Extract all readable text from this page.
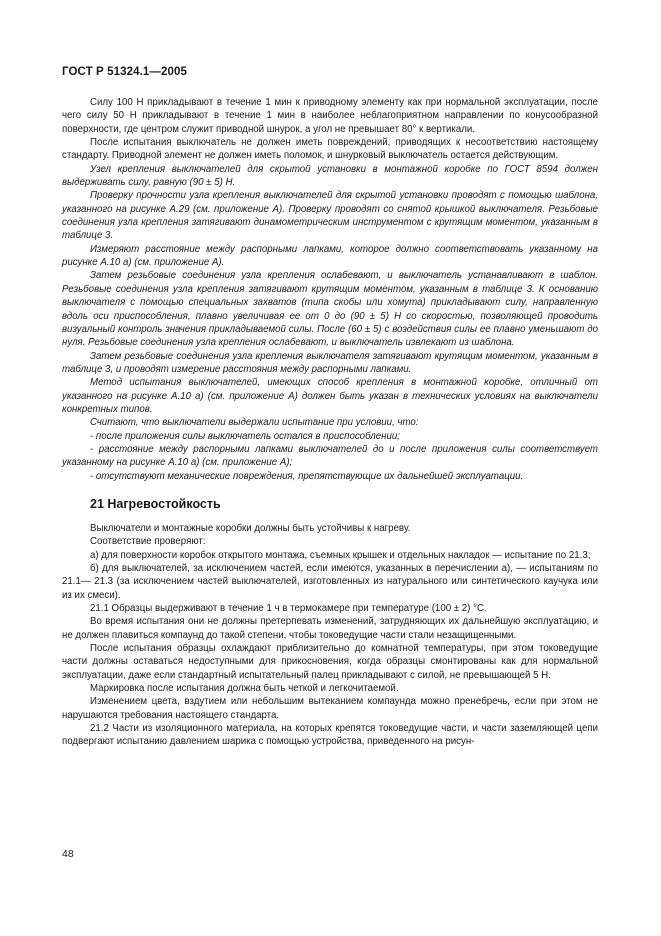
ГОСТ Р 51324.1—2005

Силу 100 Н прикладывают в течение 1 мин к приводному элементу как при нормальной эксплуатации, после чего силу 50 Н прикладывают в течение 1 мин в наиболее неблагоприятном направлении по конусообразной поверхности, где центром служит приводной шнурок, а угол не превышает 80° к вертикали.

После испытания выключатель не должен иметь повреждений, приводящих к несоответствию настоящему стандарту. Приводной элемент не должен иметь поломок, и шнурковый выключатель остается действующим.

Узел крепления выключателей для скрытой установки в монтажной коробке по ГОСТ 8594 должен выдерживать силу, равную (90 ± 5) Н.

Проверку прочности узла крепления выключателей для скрытой установки проводят с помощью шаблона, указанного на рисунке А.29 (см. приложение А). Проверку проводят со снятой крышкой выключателя. Резьбовые соединения узла крепления затягивают динамометрическим инструментом с крутящим моментом, указанным в таблице 3.

Измеряют расстояние между распорными лапками, которое должно соответствовать указанному на рисунке А.10 а) (см. приложение А).

Затем резьбовые соединения узла крепления ослабевают, и выключатель устанавливают в шаблон. Резьбовые соединения узла крепления затягивают крутящим моментом, указанным в таблице 3. К основанию выключателя с помощью специальных захватов (типа скобы или хомута) прикладывают силу, направленную вдоль оси приспособления, плавно увеличивая ее от 0 до (90 ± 5) Н со скоростью, позволяющей проводить визуальный контроль значения прикладываемой силы. После (60 ± 5) с воздействия силы ее плавно уменьшают до нуля. Резьбовые соединения узла крепления ослабевают, и выключатель извлекают из шаблона.

Затем резьбовые соединения узла крепления выключателя затягивают крутящим моментом, указанным в таблице 3, и проводят измерение расстояния между распорными лапками.

Метод испытания выключателей, имеющих способ крепления в монтажной коробке, отличный от указанного на рисунке А.10 а) (см. приложение А) должен быть указан в технических условиях на выключатели конкретных типов.

Считают, что выключатели выдержали испытание при условии, что:

- после приложения силы выключатель остался в приспособлении;

- расстояние между распорными лапками выключателей до и после приложения силы соответствует указанному на рисунке А.10 а) (см. приложение А);

- отсутствуют механические повреждения, препятствующие их дальнейшей эксплуатации.

21 Нагревостойкость

Выключатели и монтажные коробки должны быть устойчивы к нагреву.

Соответствие проверяют:

а) для поверхности коробок открытого монтажа, съемных крышек и отдельных накладок — испытание по 21.3;

б) для выключателей, за исключением частей, если имеются, указанных в перечислении а), — испытаниям по 21.1— 21.3 (за исключением частей выключателей, изготовленных из натурального или синтетического каучука или из их смеси).

21.1 Образцы выдерживают в течение 1 ч в термокамере при температуре (100 ± 2) °С.

Во время испытания они не должны претерпевать изменений, затрудняющих их дальнейшую эксплуатацию, и не должен плавиться компаунд до такой степени, чтобы токоведущие части стали незащищенными.

После испытания образцы охлаждают приблизительно до комнатной температуры, при этом токоведущие части должны оставаться недоступными для прикосновения, когда образцы смонтированы как для нормальной эксплуатации, даже если стандартный испытательный палец прикладывают с силой, не превышающей 5 Н.

Маркировка после испытания должна быть четкой и легкочитаемой.

Изменением цвета, вздутием или небольшим вытеканием компаунда можно пренебречь, если при этом не нарушаются требования настоящего стандарта.

21.2 Части из изоляционного материала, на которых крепятся токоведущие части, и части заземляющей цепи подвергают испытанию давлением шарика с помощью устройства, приведенного на рисун-

48
